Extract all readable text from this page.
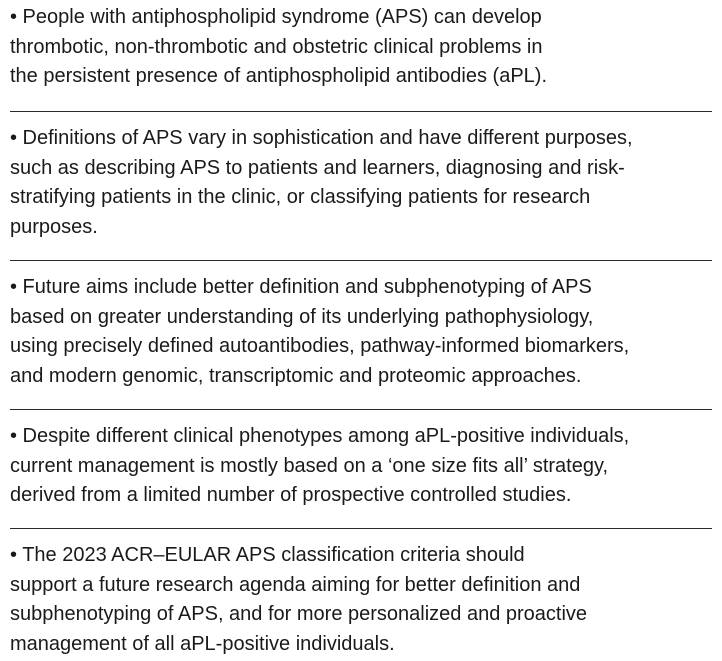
• People with antiphospholipid syndrome (APS) can develop
thrombotic, non-thrombotic and obstetric clinical problems in
the persistent presence of antiphospholipid antibodies (aPL).
• Definitions of APS vary in sophistication and have different purposes,
such as describing APS to patients and learners, diagnosing and risk-
stratifying patients in the clinic, or classifying patients for research
purposes.
• Future aims include better definition and subphenotyping of APS
based on greater understanding of its underlying pathophysiology,
using precisely defined autoantibodies, pathway-informed biomarkers,
and modern genomic, transcriptomic and proteomic approaches.
• Despite different clinical phenotypes among aPL-positive individuals,
current management is mostly based on a ‘one size fits all’ strategy,
derived from a limited number of prospective controlled studies.
• The 2023 ACR–EULAR APS classification criteria should
support a future research agenda aiming for better definition and
subphenotyping of APS, and for more personalized and proactive
management of all aPL-positive individuals.
